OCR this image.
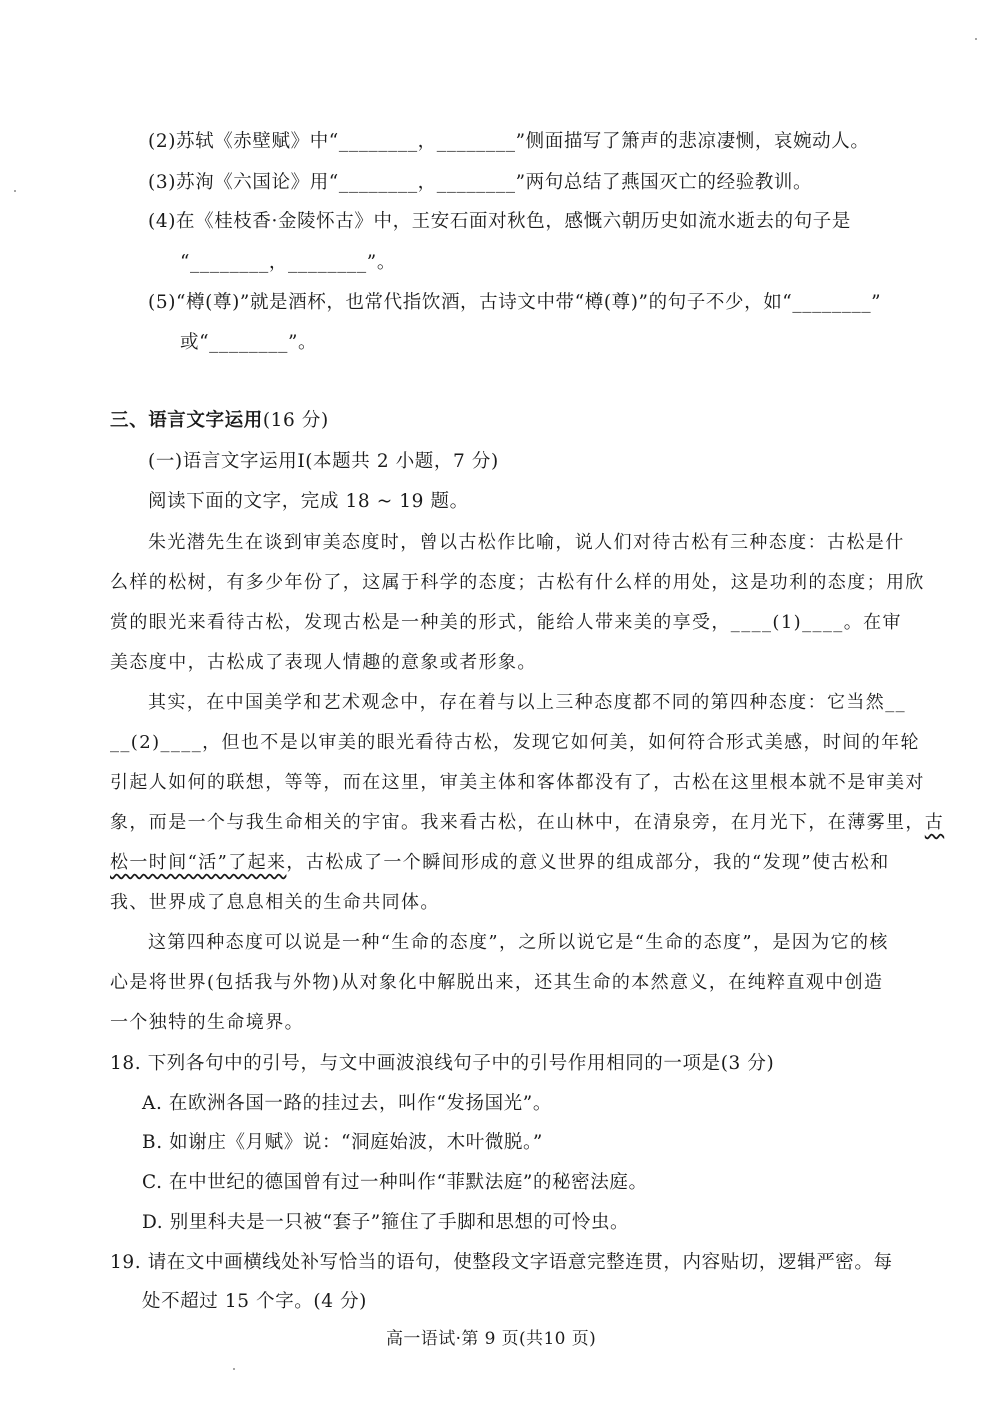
(2)苏轼《赤壁赋》中“________，________”侧面描写了箫声的悲凉凄恻，哀婉动人。
(3)苏洵《六国论》用“________，________”两句总结了燕国灭亡的经验教训。
(4)在《桂枝香·金陵怀古》中，王安石面对秋色，感慨六朝历史如流水逝去的句子是
“________，________”。
(5)“樽(尊)”就是酒杯，也常代指饮酒，古诗文中带“樽(尊)”的句子不少，如“________”
或“________”。
三、语言文字运用(16 分)
(一)语言文字运用Ⅰ(本题共 2 小题，7 分)
阅读下面的文字，完成 18 ~ 19 题。
朱光潜先生在谈到审美态度时，曾以古松作比喻，说人们对待古松有三种态度：古松是什
么样的松树，有多少年份了，这属于科学的态度；古松有什么样的用处，这是功利的态度；用欣
赏的眼光来看待古松，发现古松是一种美的形式，能给人带来美的享受，____(1)____。在审
美态度中，古松成了表现人情趣的意象或者形象。
其实，在中国美学和艺术观念中，存在着与以上三种态度都不同的第四种态度：它当然__
__(2)____，但也不是以审美的眼光看待古松，发现它如何美，如何符合形式美感，时间的年轮
引起人如何的联想，等等，而在这里，审美主体和客体都没有了，古松在这里根本就不是审美对
象，而是一个与我生命相关的宇宙。我来看古松，在山林中，在清泉旁，在月光下，在薄雾里，古
松一时间“活”了起来，古松成了一个瞬间形成的意义世界的组成部分，我的“发现”使古松和
我、世界成了息息相关的生命共同体。
这第四种态度可以说是一种“生命的态度”，之所以说它是“生命的态度”，是因为它的核
心是将世界(包括我与外物)从对象化中解脱出来，还其生命的本然意义，在纯粹直观中创造
一个独特的生命境界。
18. 下列各句中的引号，与文中画波浪线句子中的引号作用相同的一项是(3 分)
A. 在欧洲各国一路的挂过去，叫作“发扬国光”。
B. 如谢庄《月赋》说：“洞庭始波，木叶微脱。”
C. 在中世纪的德国曾有过一种叫作“菲默法庭”的秘密法庭。
D. 别里科夫是一只被“套子”箍住了手脚和思想的可怜虫。
19. 请在文中画横线处补写恰当的语句，使整段文字语意完整连贯，内容贴切，逻辑严密。每
处不超过 15 个字。(4 分)
高一语试·第 9 页(共10 页)
